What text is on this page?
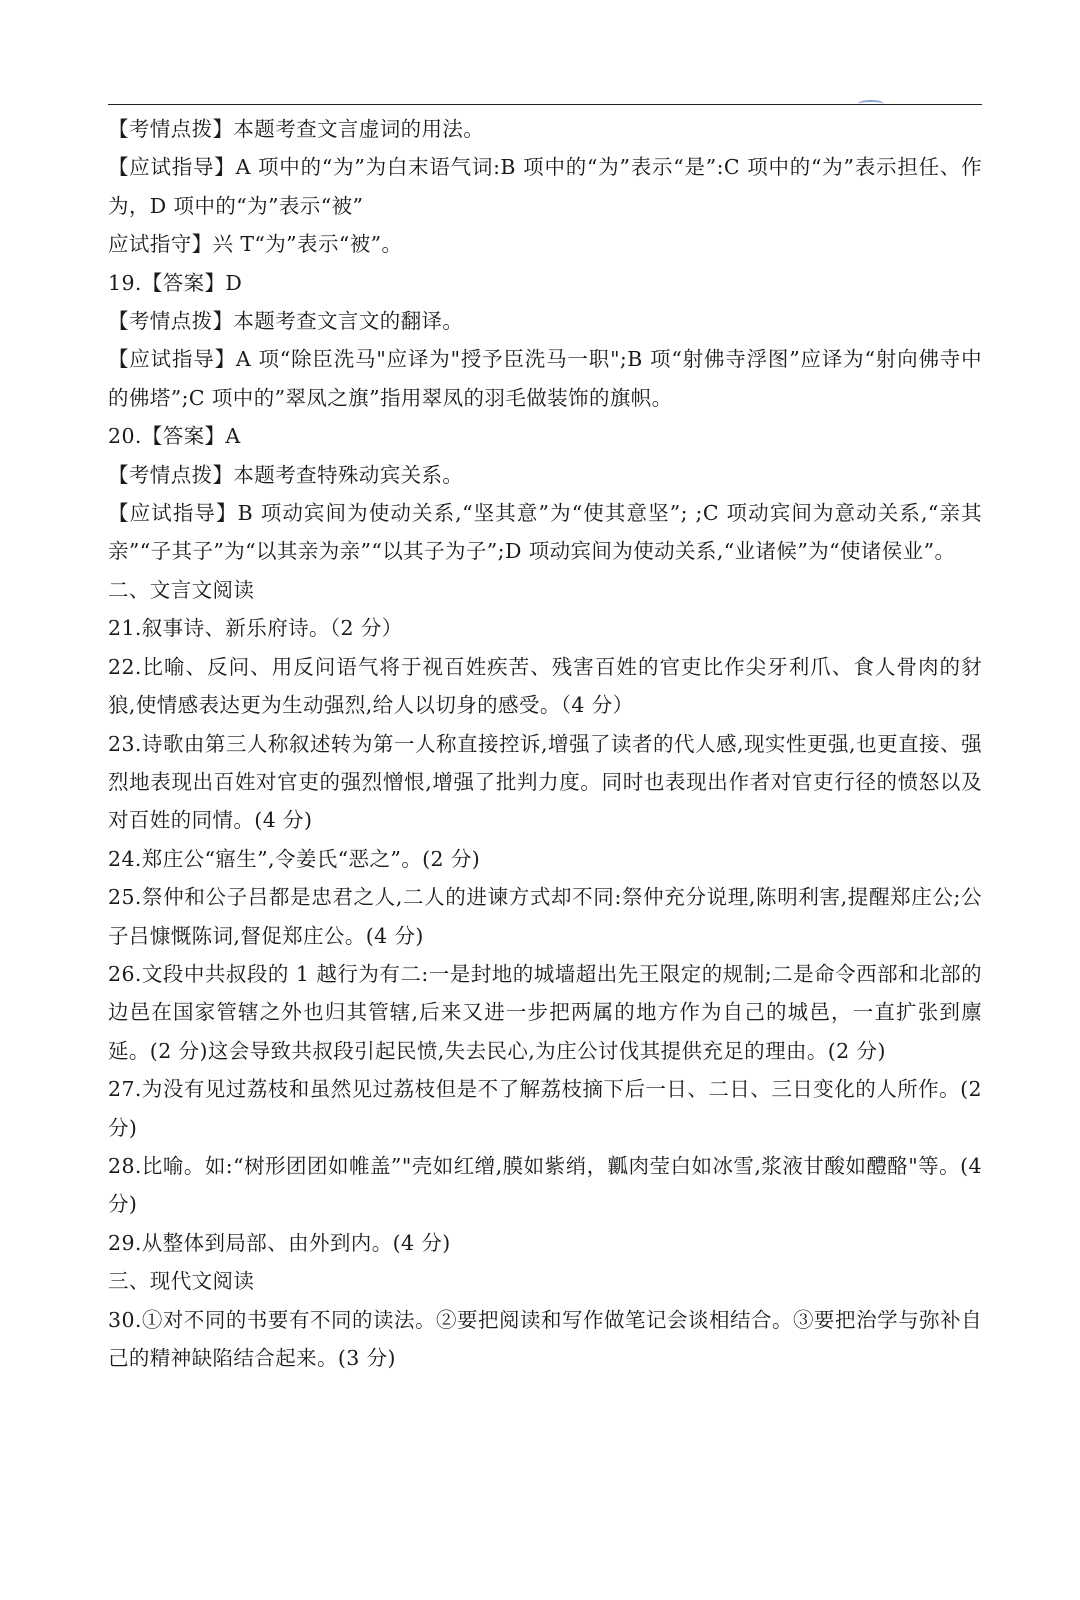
【考情点拨】本题考查文言虚词的用法。

【应试指导】A 项中的“为”为白末语气词:B 项中的“为”表示“是”:C 项中的“为”表示担任、作为，D 项中的“为”表示“被”

应试指守】兴 T“为”表示“被”。

19.【答案】D

【考情点拨】本题考查文言文的翻译。

【应试指导】A 项“除臣洗马"应译为"授予臣洗马一职";B 项“射佛寺浮图”应译为“射向佛寺中的佛塔”;C 项中的”翠凤之旗”指用翠凤的羽毛做装饰的旗帜。

20.【答案】A

【考情点拨】本题考查特殊动宾关系。

【应试指导】B 项动宾间为使动关系,“坚其意”为“使其意坚”; ;C 项动宾间为意动关系,“亲其亲”“子其子”为“以其亲为亲”“以其子为子”;D 项动宾间为使动关系,“业诸候”为“使诸侯业”。

二、文言文阅读

21.叙事诗、新乐府诗。（2 分）

22.比喻、反问、用反问语气将于视百姓疾苦、残害百姓的官吏比作尖牙利爪、食人骨肉的豺狼,使情感表达更为生动强烈,给人以切身的感受。（4 分）

23.诗歌由第三人称叙述转为第一人称直接控诉,增强了读者的代人感,现实性更强,也更直接、强烈地表现出百姓对官吏的强烈憎恨,增强了批判力度。同时也表现出作者对官吏行径的愤怒以及对百姓的同情。(4 分)

24.郑庄公“寤生”,令姜氏“恶之”。(2 分)

25.祭仲和公子吕都是忠君之人,二人的进谏方式却不同:祭仲充分说理,陈明利害,提醒郑庄公;公子吕慷慨陈词,督促郑庄公。(4 分)

26.文段中共叔段的 1 越行为有二:一是封地的城墙超出先王限定的规制;二是命令西部和北部的边邑在国家管辖之外也归其管辖,后来又进一步把两属的地方作为自己的城邑，一直扩张到廪延。(2 分)这会导致共叔段引起民愤,失去民心,为庄公讨伐其提供充足的理由。(2 分)

27.为没有见过荔枝和虽然见过荔枝但是不了解荔枝摘下后一日、二日、三日变化的人所作。(2 分)

28.比喻。如:“树形团团如帷盖”"壳如红缯,膜如紫绡，瓤肉莹白如冰雪,浆液甘酸如醴酪"等。(4 分)

29.从整体到局部、由外到内。(4 分)

三、现代文阅读

30.①对不同的书要有不同的读法。②要把阅读和写作做笔记会谈相结合。③要把治学与弥补自己的精神缺陷结合起来。(3 分)
